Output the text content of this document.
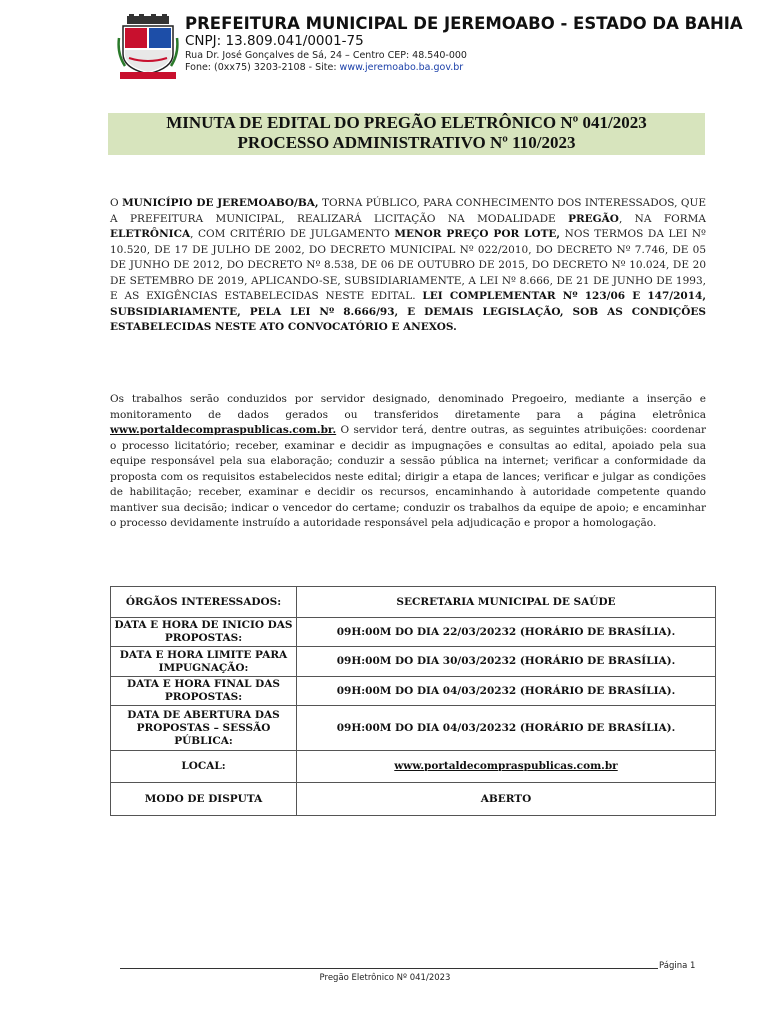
PREFEITURA MUNICIPAL DE JEREMOABO - ESTADO DA BAHIA
CNPJ: 13.809.041/0001-75
Rua Dr. José Gonçalves de Sá, 24 – Centro CEP: 48.540-000
Fone: (0xx75) 3203-2108 - Site: www.jeremoabo.ba.gov.br
MINUTA DE EDITAL DO PREGÃO ELETRÔNICO Nº 041/2023
PROCESSO ADMINISTRATIVO Nº 110/2023
O MUNICÍPIO DE JEREMOABO/BA, TORNA PÚBLICO, PARA CONHECIMENTO DOS INTERESSADOS, QUE A PREFEITURA MUNICIPAL, REALIZARÁ LICITAÇÃO NA MODALIDADE PREGÃO, NA FORMA ELETRÔNICA, COM CRITÉRIO DE JULGAMENTO MENOR PREÇO POR LOTE, NOS TERMOS DA LEI Nº 10.520, DE 17 DE JULHO DE 2002, DO DECRETO MUNICIPAL Nº 022/2010, DO DECRETO Nº 7.746, DE 05 DE JUNHO DE 2012, DO DECRETO Nº 8.538, DE 06 DE OUTUBRO DE 2015, DO DECRETO Nº 10.024, DE 20 DE SETEMBRO DE 2019, APLICANDO-SE, SUBSIDIARIAMENTE, A LEI Nº 8.666, DE 21 DE JUNHO DE 1993, E AS EXIGÊNCIAS ESTABELECIDAS NESTE EDITAL. LEI COMPLEMENTAR Nº 123/06 E 147/2014, SUBSIDIARIAMENTE, PELA LEI Nº 8.666/93, E DEMAIS LEGISLAÇÃO, SOB AS CONDIÇÕES ESTABELECIDAS NESTE ATO CONVOCATÓRIO E ANEXOS.
Os trabalhos serão conduzidos por servidor designado, denominado Pregoeiro, mediante a inserção e monitoramento de dados gerados ou transferidos diretamente para a página eletrônica www.portaldecompraspublicas.com.br. O servidor terá, dentre outras, as seguintes atribuições: coordenar o processo licitatório; receber, examinar e decidir as impugnações e consultas ao edital, apoiado pela sua equipe responsável pela sua elaboração; conduzir a sessão pública na internet; verificar a conformidade da proposta com os requisitos estabelecidos neste edital; dirigir a etapa de lances; verificar e julgar as condições de habilitação; receber, examinar e decidir os recursos, encaminhando à autoridade competente quando mantiver sua decisão; indicar o vencedor do certame; conduzir os trabalhos da equipe de apoio; e encaminhar o processo devidamente instruído a autoridade responsável pela adjudicação e propor a homologação.
ÓRGÃOS INTERESSADOS:	SECRETARIA MUNICIPAL DE SAÚDE
DATA E HORA DE INICIO DAS PROPOSTAS:	09H:00M DO DIA 22/03/20232 (HORÁRIO DE BRASÍLIA).
DATA E HORA LIMITE PARA IMPUGNAÇÃO:	09H:00M DO DIA 30/03/20232 (HORÁRIO DE BRASÍLIA).
DATA E HORA FINAL DAS PROPOSTAS:	09H:00M DO DIA 04/03/20232 (HORÁRIO DE BRASÍLIA).
DATA DE ABERTURA DAS PROPOSTAS – SESSÃO PÚBLICA:	09H:00M DO DIA 04/03/20232 (HORÁRIO DE BRASÍLIA).
LOCAL:	www.portaldecompraspublicas.com.br
MODO DE DISPUTA	ABERTO
Página 1
Pregão Eletrônico Nº 041/2023
